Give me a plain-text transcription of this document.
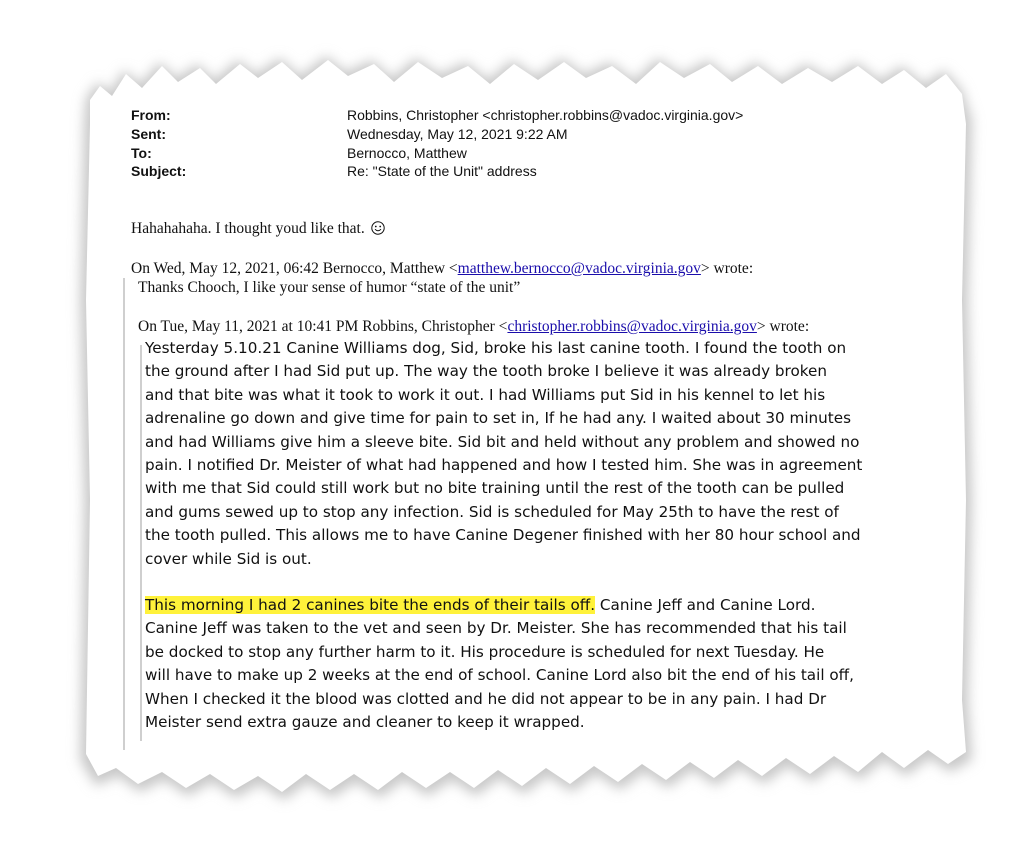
From:	Robbins, Christopher <christopher.robbins@vadoc.virginia.gov>
Sent:	Wednesday, May 12, 2021 9:22 AM
To:	Bernocco, Matthew
Subject:	Re: "State of the Unit" address
Hahahahaha. I thought youd like that.
On Wed, May 12, 2021, 06:42 Bernocco, Matthew <matthew.bernocco@vadoc.virginia.gov> wrote:
Thanks Chooch, I like your sense of humor “state of the unit”
On Tue, May 11, 2021 at 10:41 PM Robbins, Christopher <christopher.robbins@vadoc.virginia.gov> wrote:
Yesterday 5.10.21 Canine Williams dog, Sid, broke his last canine tooth. I found the tooth on
the ground after I had Sid put up. The way the tooth broke I believe it was already broken
and that bite was what it took to work it out. I had Williams put Sid in his kennel to let his
adrenaline go down and give time for pain to set in, If he had any. I waited about 30 minutes
and had Williams give him a sleeve bite. Sid bit and held without any problem and showed no
pain. I notified Dr. Meister of what had happened and how I tested him. She was in agreement
with me that Sid could still work but no bite training until the rest of the tooth can be pulled
and gums sewed up to stop any infection. Sid is scheduled for May 25th to have the rest of
the tooth pulled. This allows me to have Canine Degener finished with her 80 hour school and
cover while Sid is out.
This morning I had 2 canines bite the ends of their tails off. Canine Jeff and Canine Lord.
Canine Jeff was taken to the vet and seen by Dr. Meister. She has recommended that his tail
be docked to stop any further harm to it. His procedure is scheduled for next Tuesday. He
will have to make up 2 weeks at the end of school. Canine Lord also bit the end of his tail off,
When I checked it the blood was clotted and he did not appear to be in any pain. I had Dr
Meister send extra gauze and cleaner to keep it wrapped.
